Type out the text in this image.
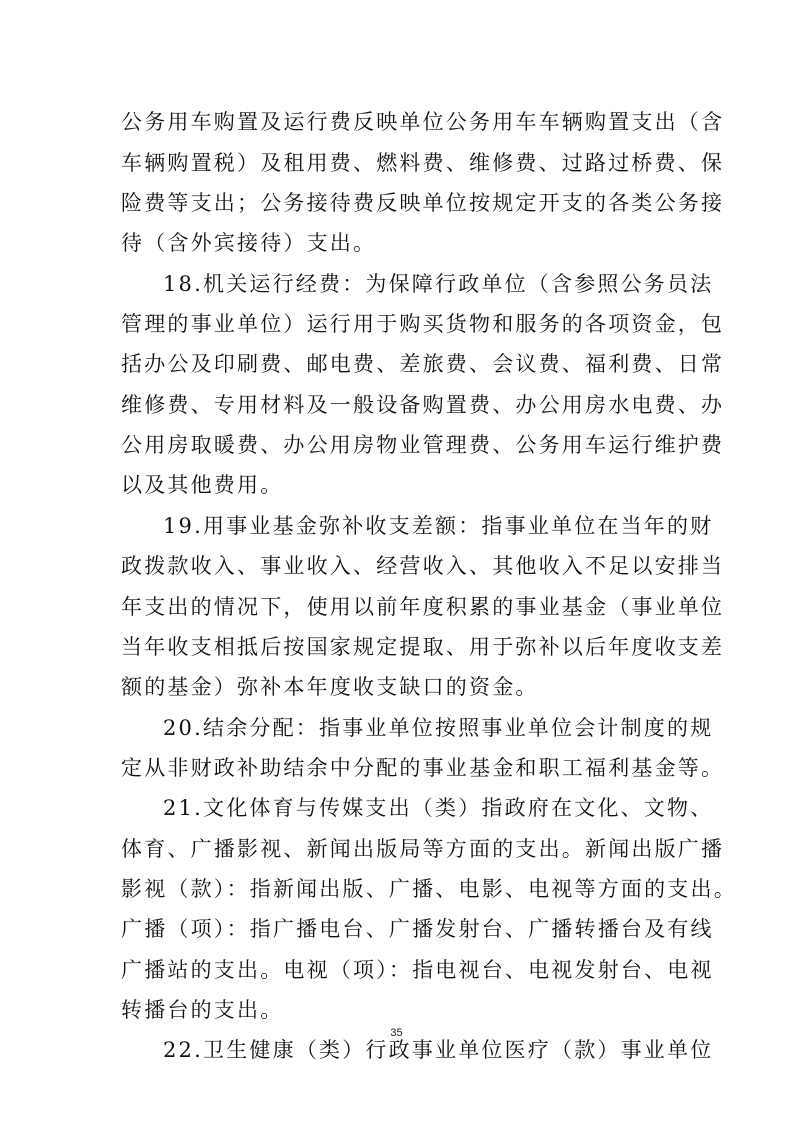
公务用车购置及运行费反映单位公务用车车辆购置支出（含
车辆购置税）及租用费、燃料费、维修费、过路过桥费、保
险费等支出；公务接待费反映单位按规定开支的各类公务接
待（含外宾接待）支出。
18.机关运行经费：为保障行政单位（含参照公务员法
管理的事业单位）运行用于购买货物和服务的各项资金，包
括办公及印刷费、邮电费、差旅费、会议费、福利费、日常
维修费、专用材料及一般设备购置费、办公用房水电费、办
公用房取暖费、办公用房物业管理费、公务用车运行维护费
以及其他费用。
19.用事业基金弥补收支差额：指事业单位在当年的财
政拨款收入、事业收入、经营收入、其他收入不足以安排当
年支出的情况下，使用以前年度积累的事业基金（事业单位
当年收支相抵后按国家规定提取、用于弥补以后年度收支差
额的基金）弥补本年度收支缺口的资金。
20.结余分配：指事业单位按照事业单位会计制度的规
定从非财政补助结余中分配的事业基金和职工福利基金等。
21.文化体育与传媒支出（类）指政府在文化、文物、
体育、广播影视、新闻出版局等方面的支出。新闻出版广播
影视（款）：指新闻出版、广播、电影、电视等方面的支出。
广播（项）：指广播电台、广播发射台、广播转播台及有线
广播站的支出。电视（项）：指电视台、电视发射台、电视
转播台的支出。
22.卫生健康（类）行政事业单位医疗（款）事业单位
35
